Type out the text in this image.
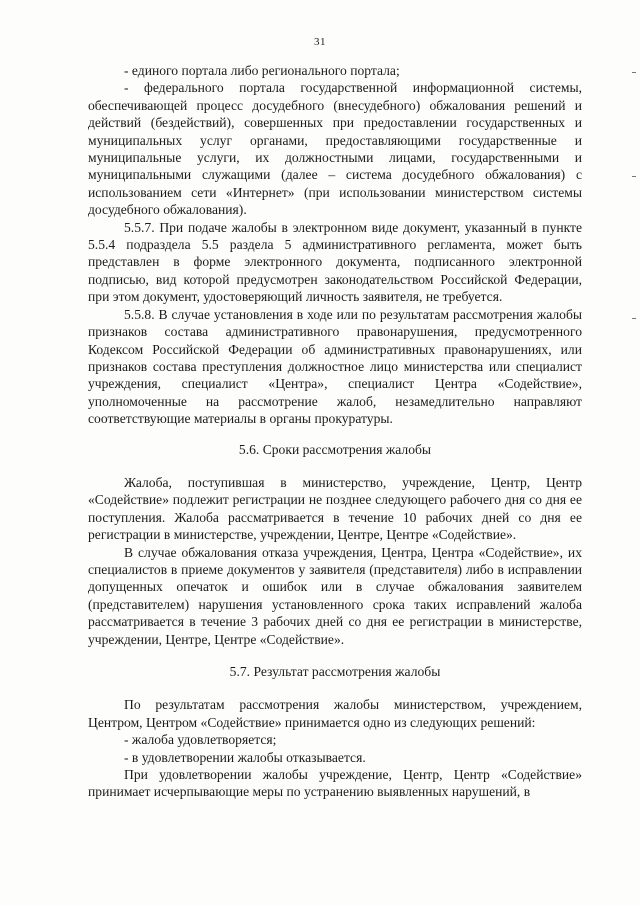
31

- единого портала либо регионального портала;

- федерального портала государственной информационной системы, обеспечивающей процесс досудебного (внесудебного) обжалования решений и действий (бездействий), совершенных при предоставлении государственных и муниципальных услуг органами, предоставляющими государственные и муниципальные услуги, их должностными лицами, государственными и муниципальными служащими (далее – система досудебного обжалования) с использованием сети «Интернет» (при использовании министерством системы досудебного обжалования).

5.5.7. При подаче жалобы в электронном виде документ, указанный в пункте 5.5.4 подраздела 5.5 раздела 5 административного регламента, может быть представлен в форме электронного документа, подписанного электронной подписью, вид которой предусмотрен законодательством Российской Федерации, при этом документ, удостоверяющий личность заявителя, не требуется.

5.5.8. В случае установления в ходе или по результатам рассмотрения жалобы признаков состава административного правонарушения, предусмотренного Кодексом Российской Федерации об административных правонарушениях, или признаков состава преступления должностное лицо министерства или специалист учреждения, специалист «Центра», специалист Центра «Содействие», уполномоченные на рассмотрение жалоб, незамедлительно направляют соответствующие материалы в органы прокуратуры.

5.6. Сроки рассмотрения жалобы

Жалоба, поступившая в министерство, учреждение, Центр, Центр «Содействие» подлежит регистрации не позднее следующего рабочего дня со дня ее поступления. Жалоба рассматривается в течение 10 рабочих дней со дня ее регистрации в министерстве, учреждении, Центре, Центре «Содействие».

В случае обжалования отказа учреждения, Центра, Центра «Содействие», их специалистов в приеме документов у заявителя (представителя) либо в исправлении допущенных опечаток и ошибок или в случае обжалования заявителем (представителем) нарушения установленного срока таких исправлений жалоба рассматривается в течение 3 рабочих дней со дня ее регистрации в министерстве, учреждении, Центре, Центре «Содействие».

5.7. Результат рассмотрения жалобы

По результатам рассмотрения жалобы министерством, учреждением, Центром, Центром «Содействие» принимается одно из следующих решений:

- жалоба удовлетворяется;

- в удовлетворении жалобы отказывается.

При удовлетворении жалобы учреждение, Центр, Центр «Содействие» принимает исчерпывающие меры по устранению выявленных нарушений, в
